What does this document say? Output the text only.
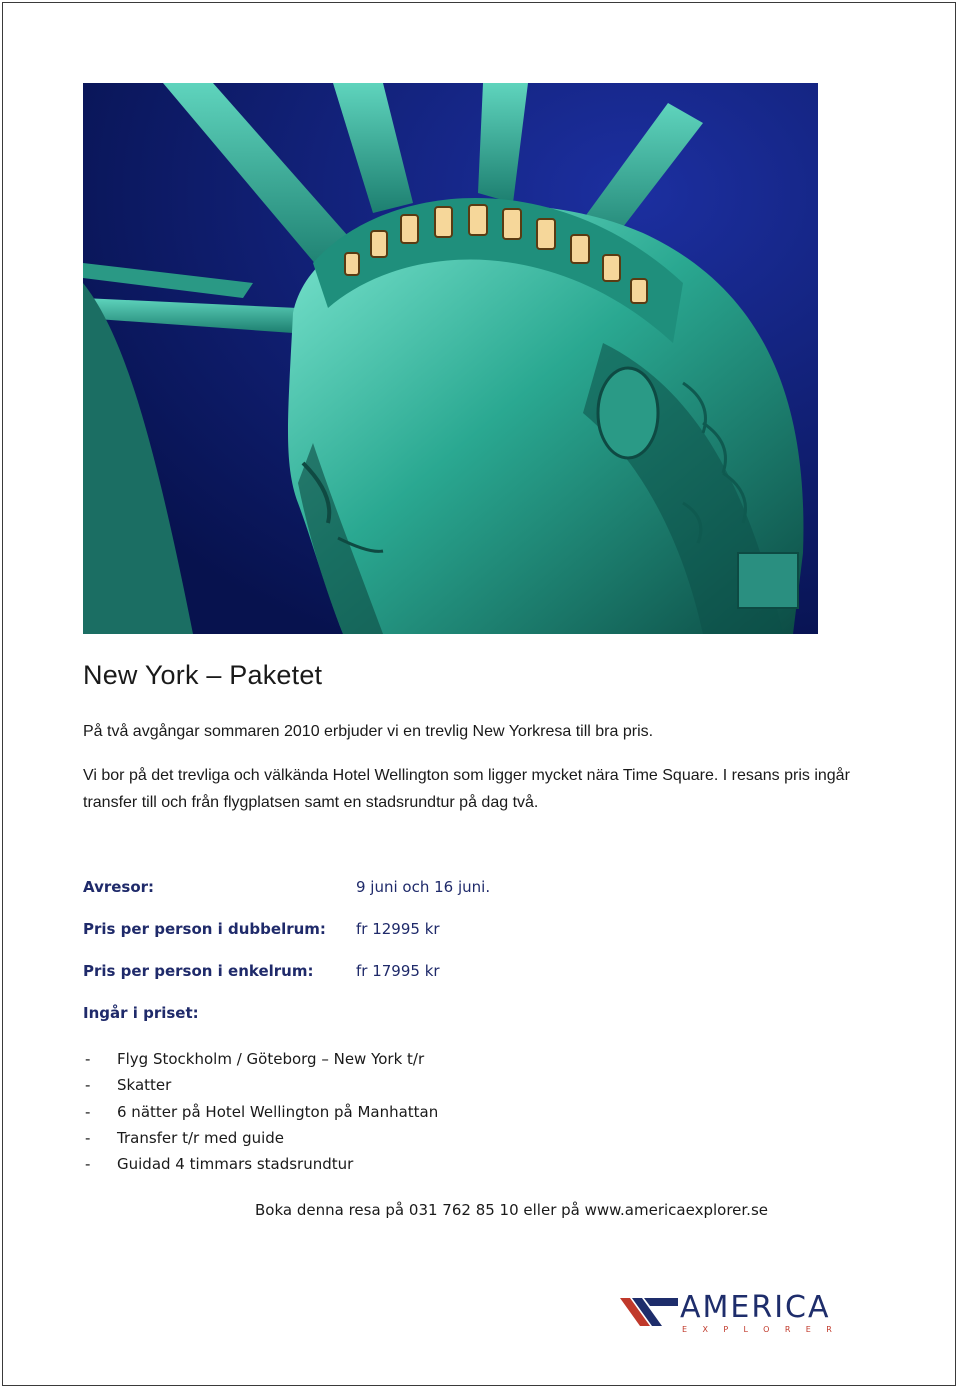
New York – Paketet

På två avgångar sommaren 2010 erbjuder vi en trevlig New Yorkresa till bra pris.

Vi bor på det trevliga och välkända Hotel Wellington som ligger mycket nära Time Square. I resans pris ingår transfer till och från flygplatsen samt en stadsrundtur på dag två.

Avresor:	9 juni och 16 juni.
Pris per person i dubbelrum: fr 12995 kr
Pris per person i enkelrum:	fr 17995 kr
Ingår i priset:
- Flyg Stockholm / Göteborg – New York t/r
- Skatter
- 6 nätter på Hotel Wellington på Manhattan
- Transfer t/r med guide
- Guidad 4 timmars stadsrundtur
Boka denna resa på 031 762 85 10 eller på www.americaexplorer.se
AMERICA
EXPLORER
